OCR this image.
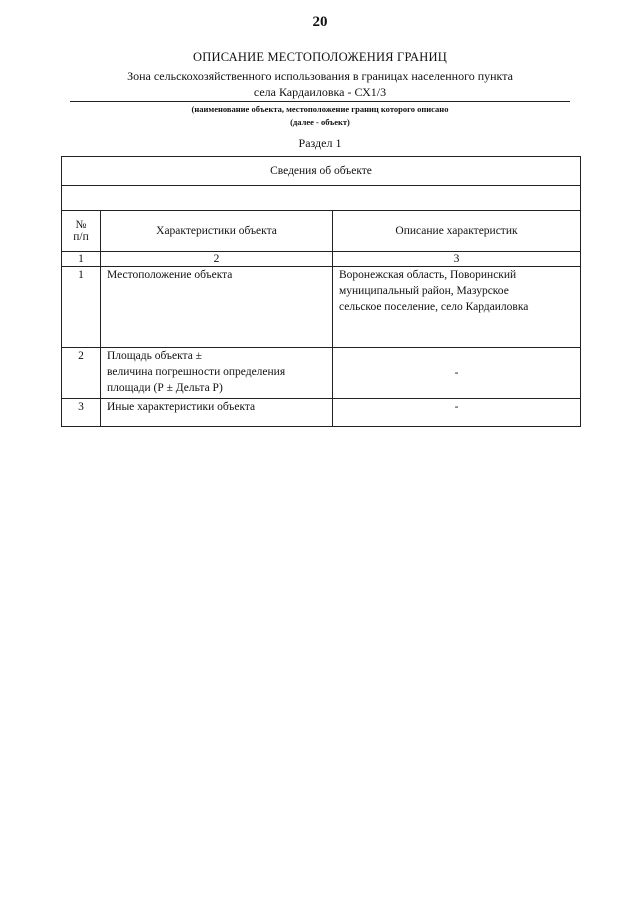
20
ОПИСАНИЕ МЕСТОПОЛОЖЕНИЯ ГРАНИЦ
Зона сельскохозяйственного использования в границах населенного пункта
села Кардаиловка - СХ1/3
(наименование объекта, местоположение границ которого описано
(далее - объект)
Раздел 1
Сведения об объекте		

№
п/п	Характеристики объекта	Описание характеристик
1	2	3
1	Местоположение объекта	Воронежская область, Поворинский
муниципальный район, Мазурское
сельское поселение, село Кардаиловка

2	Площадь объекта ±
величина погрешности определения
площади (Р ± Дельта Р)	-
3	Иные характеристики объекта	-
